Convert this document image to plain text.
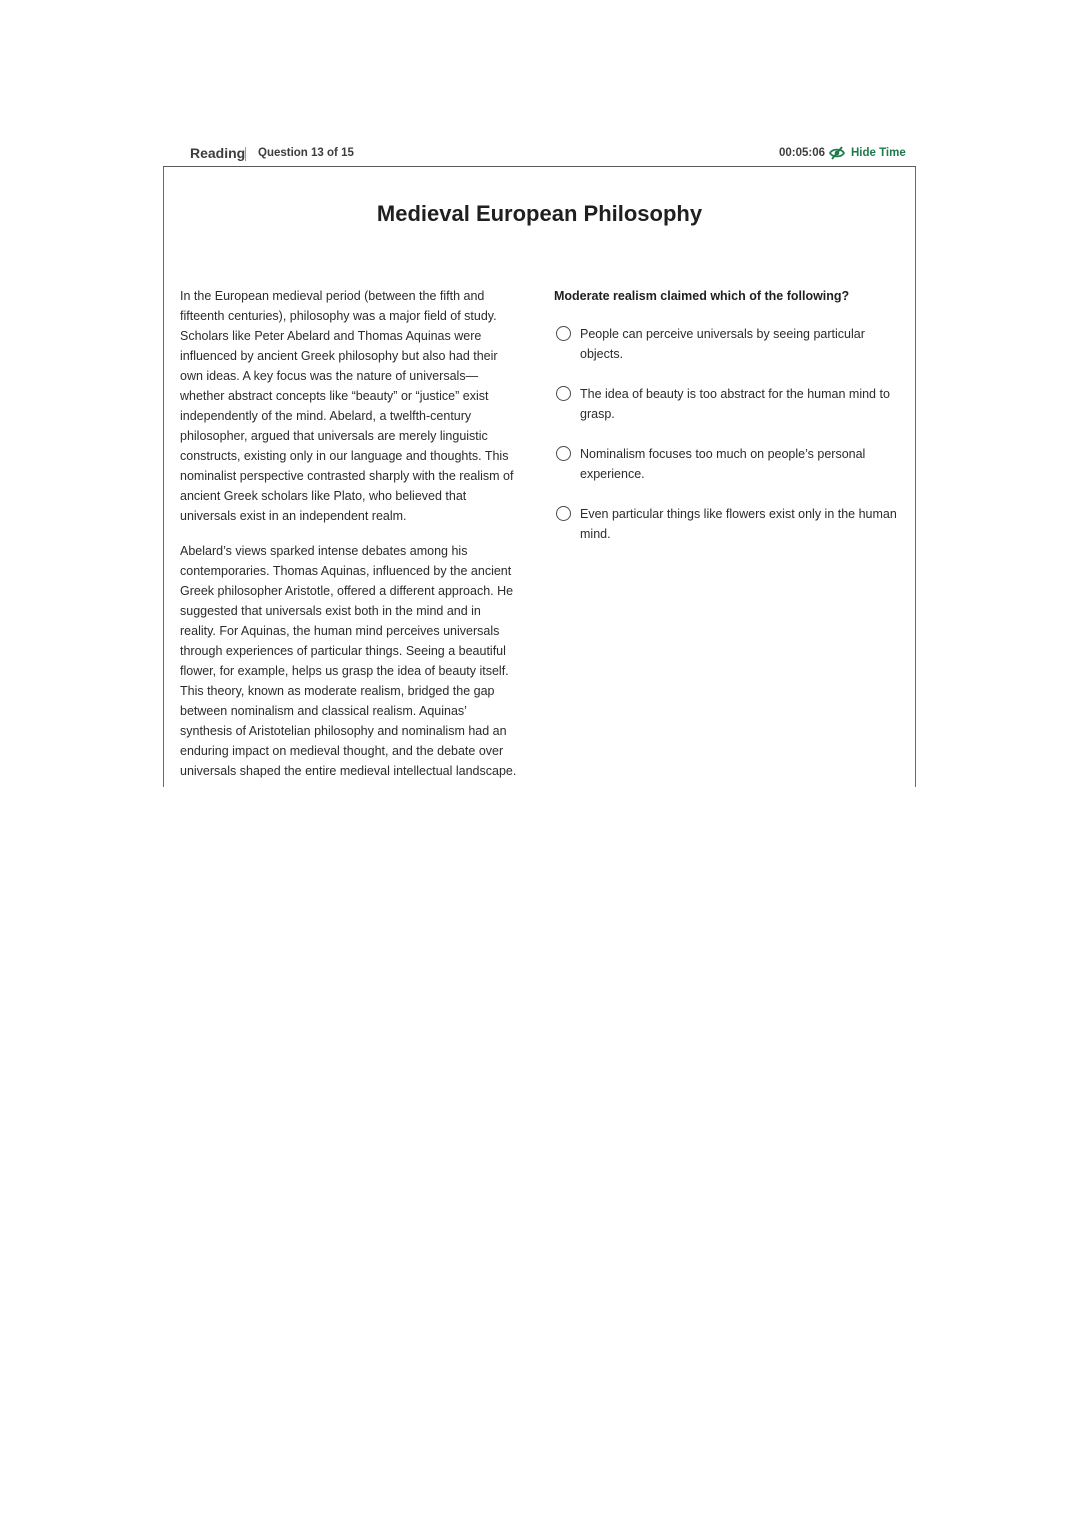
Reading Question 13 of 15	00:05:06 Hide Time
Medieval European Philosophy

In the European medieval period (between the fifth and fifteenth centuries), philosophy was a major field of study. Scholars like Peter Abelard and Thomas Aquinas were influenced by ancient Greek philosophy but also had their own ideas. A key focus was the nature of universals—whether abstract concepts like “beauty” or “justice” exist independently of the mind. Abelard, a twelfth-century philosopher, argued that universals are merely linguistic constructs, existing only in our language and thoughts. This nominalist perspective contrasted sharply with the realism of ancient Greek scholars like Plato, who believed that universals exist in an independent realm.

Abelard’s views sparked intense debates among his contemporaries. Thomas Aquinas, influenced by the ancient Greek philosopher Aristotle, offered a different approach. He suggested that universals exist both in the mind and in reality. For Aquinas, the human mind perceives universals through experiences of particular things. Seeing a beautiful flower, for example, helps us grasp the idea of beauty itself. This theory, known as moderate realism, bridged the gap between nominalism and classical realism. Aquinas’ synthesis of Aristotelian philosophy and nominalism had an enduring impact on medieval thought, and the debate over universals shaped the entire medieval intellectual landscape.

Moderate realism claimed which of the following?
People can perceive universals by seeing particular objects.
The idea of beauty is too abstract for the human mind to grasp.
Nominalism focuses too much on people’s personal experience.
Even particular things like flowers exist only in the human mind.
